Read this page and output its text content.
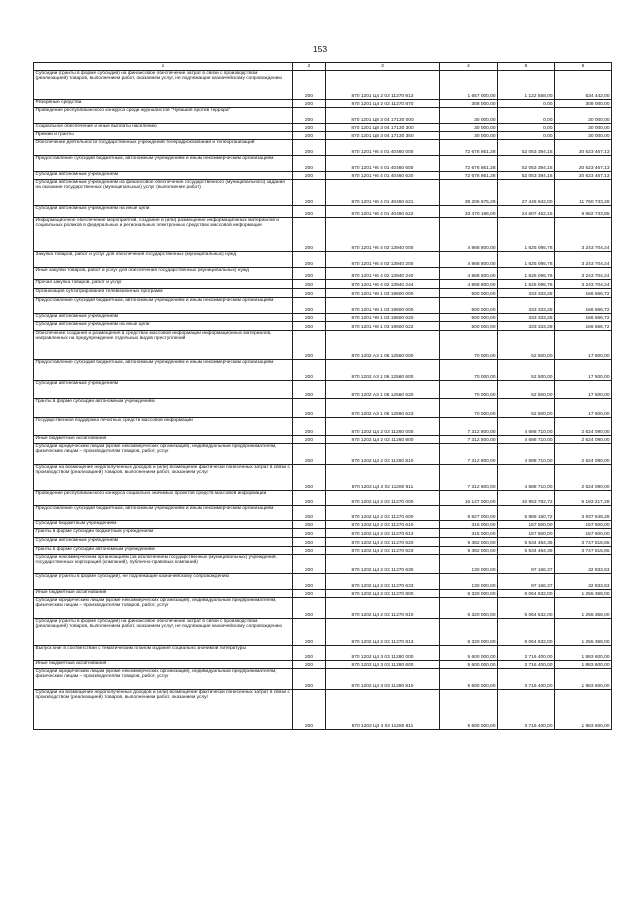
153
1	2	3	4	5	6
Субсидии (гранты в форме субсидий) на финансовое обеспечение затрат в связи с производством (реализацией) товаров, выполнением работ, оказанием услуг, не подлежащие казначейскому сопровождению	200	870 1201 Ц4 2 02 11270 813	1 657 000,00	1 122 558,00	534 442,00
Резервные средства	200	870 1201 Ц4 2 02 11270 870	308 000,00	0,00	308 000,00
Проведение республиканского конкурса среди журналистов "Чувашия против террора"	200	870 1201 Ц8 3 04 17130 000	30 000,00	0,00	30 000,00
Социальное обеспечение и иные выплаты населению	200	870 1201 Ц8 3 04 17130 300	30 000,00	0,00	30 000,00
Премии и гранты	200	870 1201 Ц8 3 04 17130 350	30 000,00	0,00	30 000,00
Обеспечение деятельности государственных учреждений телерадиокомпаний и телеорганизаций	200	870 1201 Ч6 4 01 40460 000	72 676 861,28	52 053 394,15	20 623 467,13
Предоставление субсидий бюджетным, автономным учреждениям и иным некоммерческим организациям	200	870 1201 Ч6 4 01 40460 600	72 676 861,28	52 053 394,15	20 623 467,13
Субсидии автономным учреждениям	200	870 1201 Ч6 4 01 40460 620	72 676 861,28	52 053 394,15	20 623 467,13
Субсидии автономным учреждениям на финансовое обеспечение государственного (муниципального) задания на оказание государственных (муниципальных) услуг (выполнение работ)	200	870 1201 Ч6 4 01 40460 621	39 206 675,28	27 445 942,00	11 760 733,28
Субсидии автономным учреждениям на иные цели	200	870 1201 Ч6 4 01 40460 622	33 470 186,00	24 607 452,15	8 862 733,85
Информационное обеспечение мероприятий, создание и (или) размещение информационных материалов и социальных роликов в федеральных и региональных электронных средствах массовой информации	200	870 1201 Ч6 4 02 13940 000	4 868 800,00	1 625 095,76	3 243 704,24
Закупка товаров, работ и услуг для обеспечения государственных (муниципальных) нужд	200	870 1201 Ч6 4 02 13940 200	4 868 800,00	1 625 095,76	3 243 704,24
Иные закупки товаров, работ и услуг для обеспечения государственных (муниципальных) нужд	200	870 1201 Ч6 4 02 13940 240	4 868 800,00	1 625 095,76	3 243 704,24
Прочая закупка товаров, работ и услуг	200	870 1201 Ч6 4 02 13940 244	4 868 800,00	1 625 095,76	3 243 704,24
Организация субтитрирования телевизионных программ	200	870 1201 Ч8 1 03 19600 000	500 000,00	333 333,28	166 666,72
Предоставление субсидий бюджетным, автономным учреждениям и иным некоммерческим организациям	200	870 1201 Ч8 1 03 19600 600	500 000,00	333 333,28	166 666,72
Субсидии автономным учреждениям	200	870 1201 Ч8 1 03 19600 620	500 000,00	333 333,28	166 666,72
Субсидии автономным учреждениям на иные цели	200	870 1201 Ч8 1 03 19600 622	500 000,00	333 333,28	166 666,72
Обеспечение создания и размещения в средствах массовой информации информационных материалов, направленных на предупреждение отдельных видов преступлений	200	870 1202 А3 1 06 12560 000	70 000,00	52 500,00	17 500,00
Предоставление субсидий бюджетным, автономным учреждениям и иным некоммерческим организациям	200	870 1202 А3 1 06 12560 600	70 000,00	52 500,00	17 500,00
Субсидии автономным учреждениям	200	870 1202 А3 1 06 12560 620	70 000,00	52 500,00	17 500,00
Гранты в форме субсидии автономным учреждениям	200	870 1202 А3 1 06 12560 623	70 000,00	52 500,00	17 500,00
Государственная поддержка печатных средств массовой информации	200	870 1202 Ц4 2 02 11260 000	7 312 800,00	4 688 710,00	2 624 090,00
Иные бюджетные ассигнования	200	870 1202 Ц4 2 02 11260 800	7 312 800,00	4 688 710,00	2 624 090,00
Субсидии юридическим лицам (кроме некоммерческих организаций), индивидуальным предпринимателям, физическим лицам – производителям товаров, работ, услуг	200	870 1202 Ц4 2 02 11260 810	7 312 800,00	4 688 710,00	2 624 090,00
Субсидии на возмещение недополученных доходов и (или) возмещение фактически понесенных затрат в связи с производством (реализацией) товаров, выполнением работ, оказанием услуг	200	870 1202 Ц4 2 02 11260 811	7 312 800,00	4 688 710,00	2 624 090,00
Проведение республиканского конкурса социально значимых проектов средств массовой информации	200	870 1202 Ц4 2 02 11270 000	16 147 000,00	10 953 782,72	5 193 217,28
Предоставление субсидий бюджетным, автономным учреждениям и иным некоммерческим организациям	200	870 1202 Ц4 2 02 11270 600	9 827 000,00	5 889 150,72	3 937 849,28
Субсидии бюджетным учреждениям	200	870 1202 Ц4 2 02 11270 610	315 000,00	157 500,00	157 500,00
Гранты в форме субсидии бюджетным учреждениям	200	870 1202 Ц4 2 02 11270 613	315 000,00	157 500,00	157 500,00
Субсидии автономным учреждениям	200	870 1202 Ц4 2 02 11270 620	9 382 000,00	5 634 484,35	3 747 515,65
Гранты в форме субсидии автономным учреждениям	200	870 1202 Ц4 2 02 11270 623	9 382 000,00	5 634 484,35	3 747 515,65
Субсидии некоммерческим организациям (за исключением государственных (муниципальных) учреждений, государственных корпораций (компаний), публично-правовых компаний)	200	870 1202 Ц4 2 02 11270 630	130 000,00	97 166,37	32 833,63
Субсидии (гранты в форме субсидий), не подлежащие казначейскому сопровождению	200	870 1202 Ц4 2 02 11270 633	130 000,00	97 166,37	32 833,63
Иные бюджетные ассигнования	200	870 1202 Ц4 2 02 11270 800	6 320 000,00	5 064 632,00	1 255 368,00
Субсидии юридическим лицам (кроме некоммерческих организаций), индивидуальным предпринимателям, физическим лицам – производителям товаров, работ, услуг	200	870 1202 Ц4 2 02 11270 810	6 320 000,00	5 064 632,00	1 255 368,00
Субсидии (гранты в форме субсидий) на финансовое обеспечение затрат в связи с производством (реализацией) товаров, выполнением работ, оказанием услуг, не подлежащие казначейскому сопровождению	200	870 1202 Ц4 2 02 11270 813	6 320 000,00	5 064 632,00	1 255 368,00
Выпуск книг в соответствии с тематическим планом издания социально значимой литературы	200	870 1202 Ц4 3 03 11280 000	5 600 000,00	3 716 400,00	1 883 600,00
Иные бюджетные ассигнования	200	870 1202 Ц4 3 03 11280 800	5 600 000,00	3 716 400,00	1 883 600,00
Субсидии юридическим лицам (кроме некоммерческих организаций), индивидуальным предпринимателям, физическим лицам – производителям товаров, работ, услуг	200	870 1202 Ц4 3 03 11280 810	5 600 000,00	3 716 400,00	1 883 600,00
Субсидии на возмещение недополученных доходов и (или) возмещение фактически понесенных затрат в связи с производством (реализацией) товаров, выполнением работ, оказанием услуг	200	870 1202 Ц4 3 03 11280 811	5 600 000,00	3 716 400,00	1 883 600,00
